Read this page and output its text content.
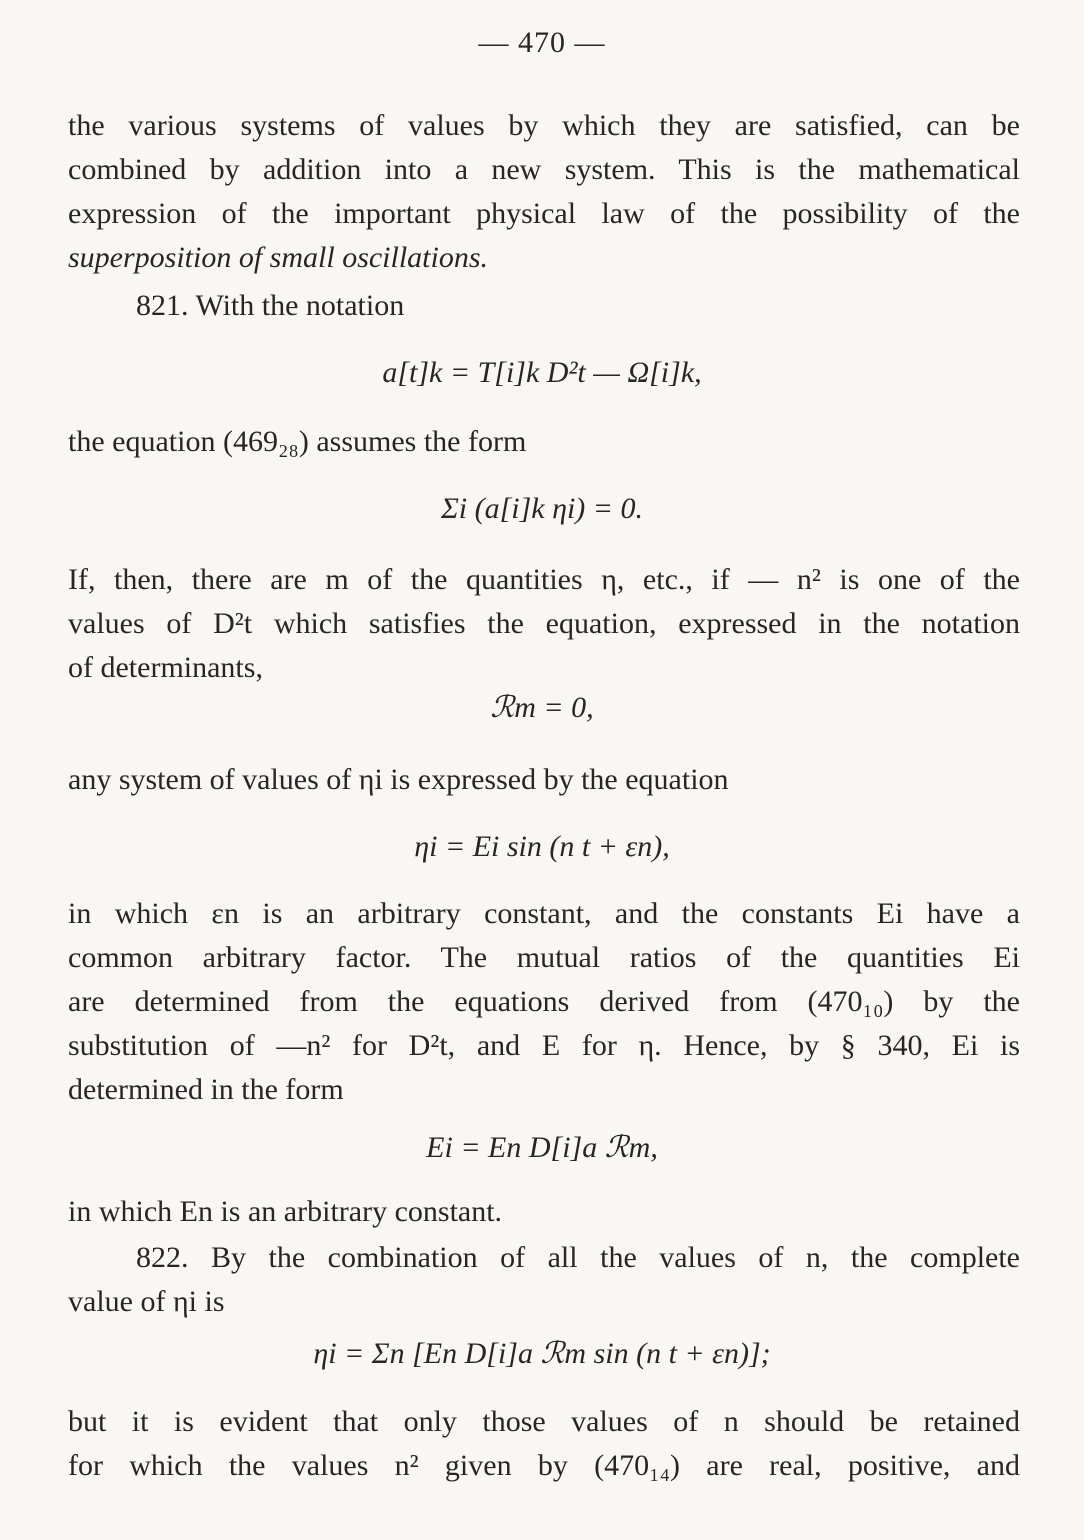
— 470 —
the various systems of values by which they are satisfied, can be
combined by addition into a new system. This is the mathematical
expression of the important physical law of the possibility of the
superposition of small oscillations.
821. With the notation
a[t]k = T[i]k D²t — Ω[i]k,
the equation (469₂₈) assumes the form
Σi (a[i]k ηi) = 0.
If, then, there are m of the quantities η, etc., if — n² is one of the
values of D²t which satisfies the equation, expressed in the notation
of determinants,
ℛm = 0,
any system of values of ηi is expressed by the equation
ηi = Ei sin (n t + εn),
in which εn is an arbitrary constant, and the constants Ei have a
common arbitrary factor. The mutual ratios of the quantities Ei
are determined from the equations derived from (470₁₀) by the
substitution of —n² for D²t, and E for η. Hence, by § 340, Ei is
determined in the form
Ei = En D[i]a ℛm,
in which En is an arbitrary constant.
822. By the combination of all the values of n, the complete
value of ηi is
ηi = Σn [En D[i]a ℛm sin (n t + εn)];
but it is evident that only those values of n should be retained
for which the values n² given by (470₁₄) are real, positive, and
